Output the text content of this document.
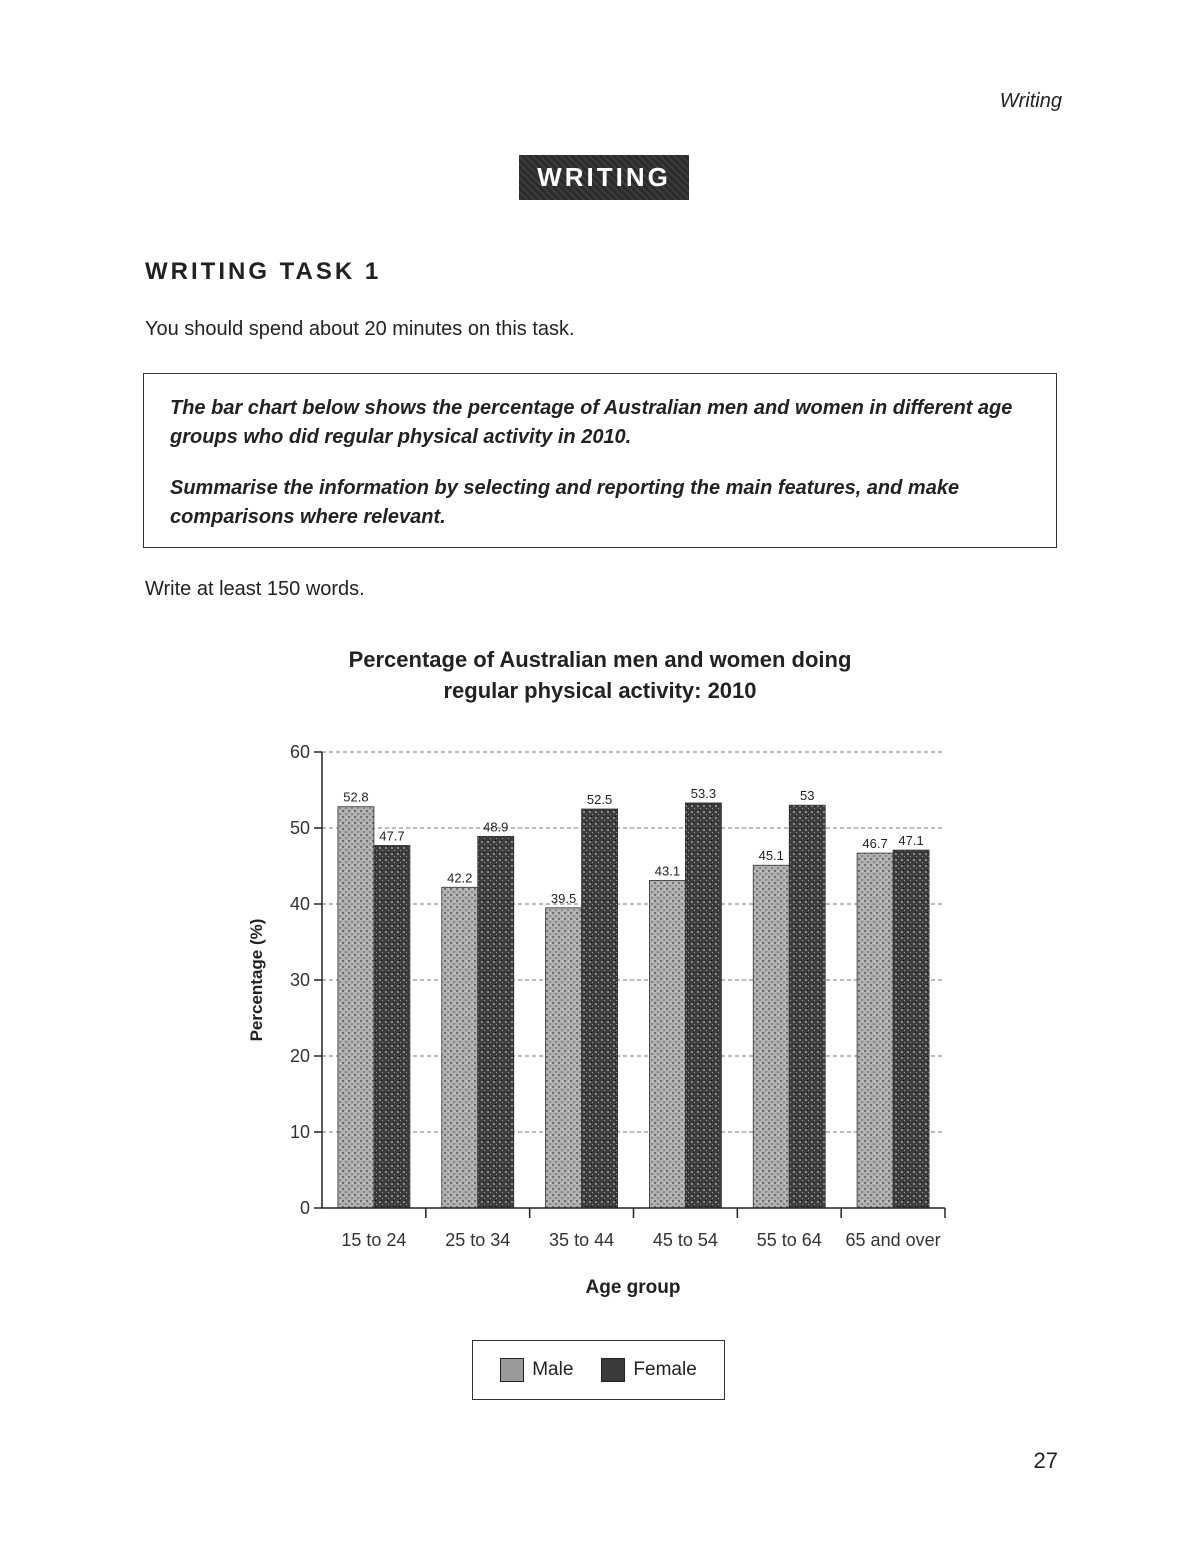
Writing
WRITING
WRITING TASK 1
You should spend about 20 minutes on this task.

The bar chart below shows the percentage of Australian men and women in different age groups who did regular physical activity in 2010.

Summarise the information by selecting and reporting the main features, and make comparisons where relevant.

Write at least 150 words.
Percentage of Australian men and women doing
regular physical activity: 2010
0
10
20
30
40
50
60
15 to 24 25 to 34 35 to 44 45 to 54 55 to 64 65 and over
52.8
47.7
42.2
48.9
39.5
52.5
43.1
53.3
45.1
53
46.7 47.1
Percentage (%)
Age group
Male	Female
27
